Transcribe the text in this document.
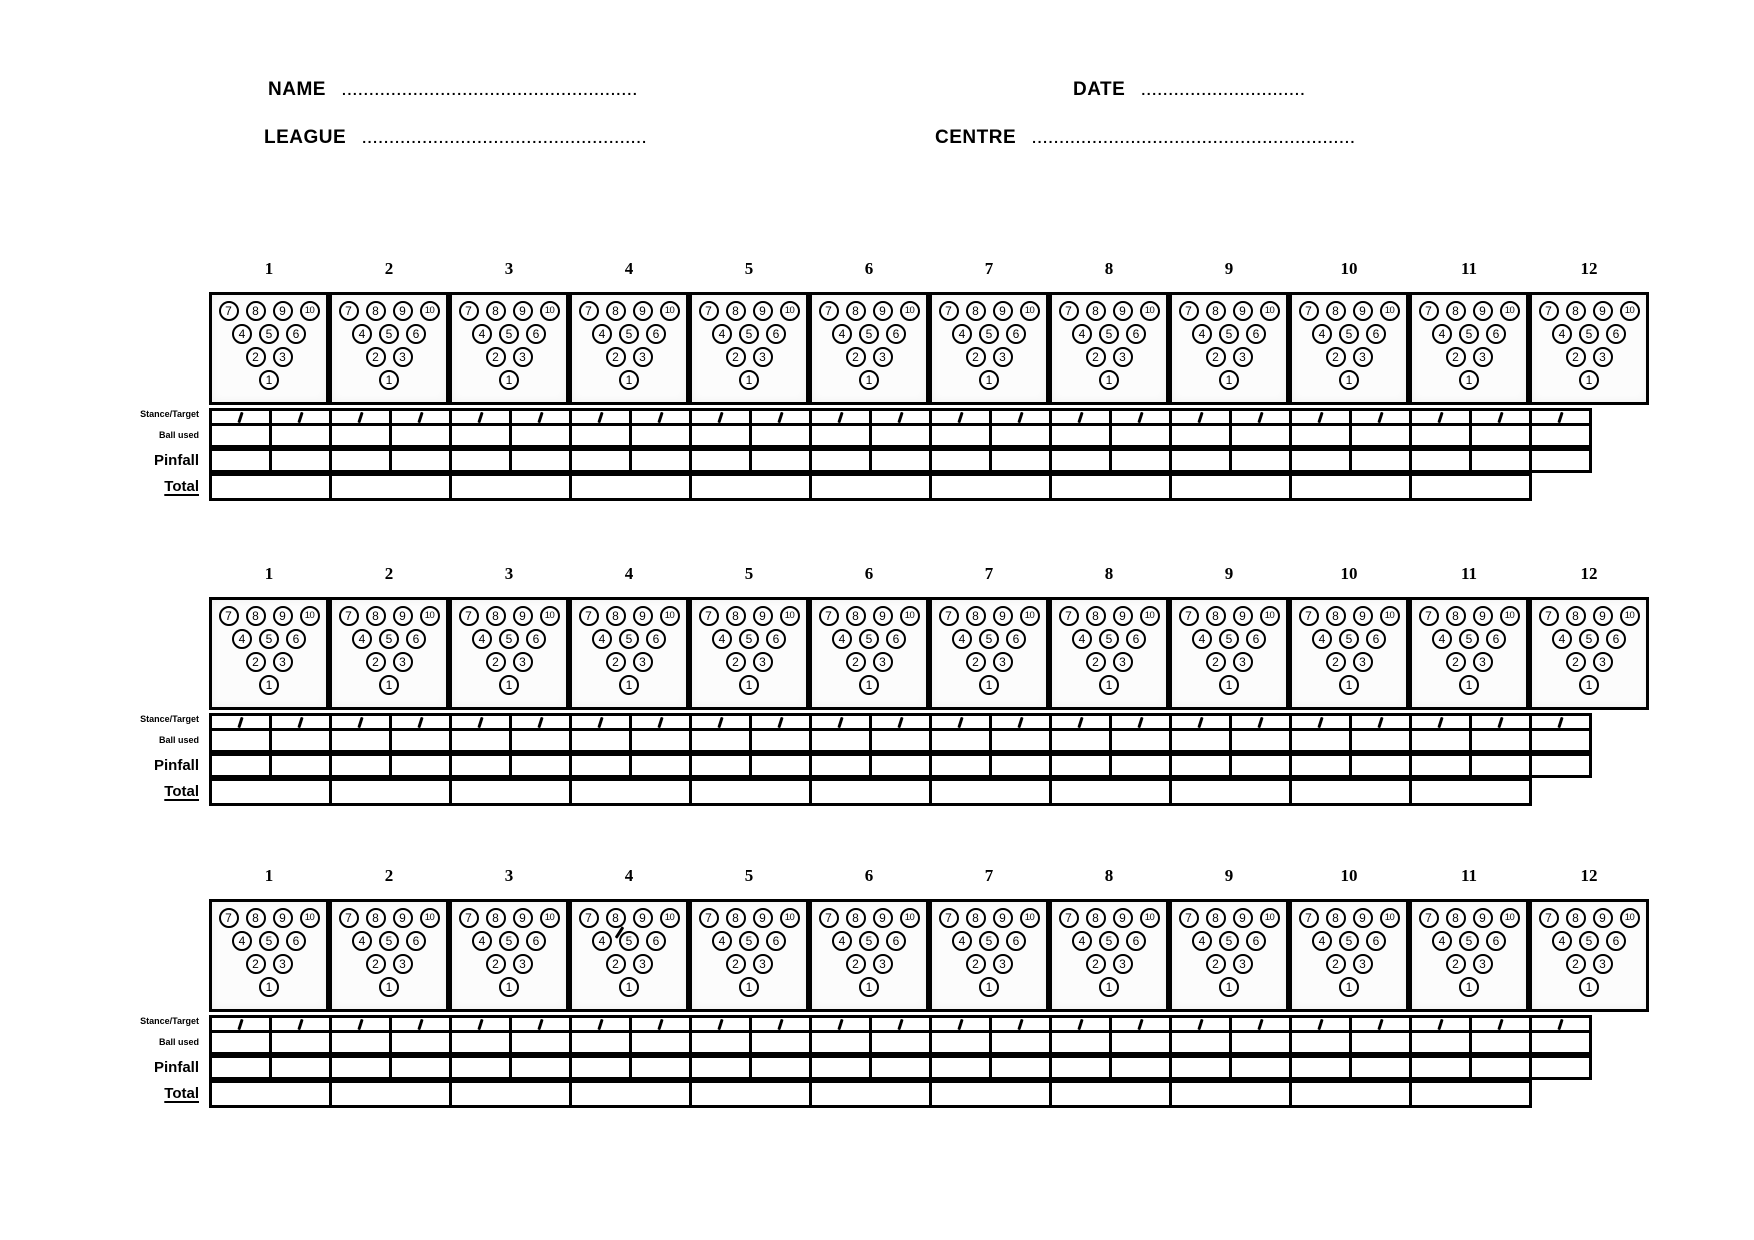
NAME ......................................................	DATE ..............................
LEAGUE ....................................................	CENTRE ...........................................................
1	2	3	4	5	6	7	8	9	10	11	12
7	8	9	10
4	5	6
2	3
1
7	8	9	10
4	5	6
2	3
1
7	8	9	10
4	5	6
2	3
1
7	8	9	10
4	5	6
2	3
1
7	8	9	10
4	5	6
2	3
1
7	8	9	10
4	5	6
2	3
1
7	8	9	10
4	5	6
2	3
1
7	8	9	10
4	5	6
2	3
1
7	8	9	10
4	5	6
2	3
1
7	8	9	10
4	5	6
2	3
1
7	8	9	10
4	5	6
2	3
1
7	8	9	10
4	5	6
2	3
1
Stance/Target
Ball used
Pinfall
Total
1	2	3	4	5	6	7	8	9	10	11	12
7	8	9	10
4	5	6
2	3
1
7	8	9	10
4	5	6
2	3
1
7	8	9	10
4	5	6
2	3
1
7	8	9	10
4	5	6
2	3
1
7	8	9	10
4	5	6
2	3
1
7	8	9	10
4	5	6
2	3
1
7	8	9	10
4	5	6
2	3
1
7	8	9	10
4	5	6
2	3
1
7	8	9	10
4	5	6
2	3
1
7	8	9	10
4	5	6
2	3
1
7	8	9	10
4	5	6
2	3
1
7	8	9	10
4	5	6
2	3
1
Stance/Target
Ball used
Pinfall
Total
1	2	3	4	5	6	7	8	9	10	11	12
7	8	9	10
4	5	6
2	3
1
7	8	9	10
4	5	6
2	3
1
7	8	9	10
4	5	6
2	3
1
7	8	9	10
4	5	6
2	3
1
7	8	9	10
4	5	6
2	3
1
7	8	9	10
4	5	6
2	3
1
7	8	9	10
4	5	6
2	3
1
7	8	9	10
4	5	6
2	3
1
7	8	9	10
4	5	6
2	3
1
7	8	9	10
4	5	6
2	3
1
7	8	9	10
4	5	6
2	3
1
7	8	9	10
4	5	6
2	3
1
Stance/Target
Ball used
Pinfall
Total
